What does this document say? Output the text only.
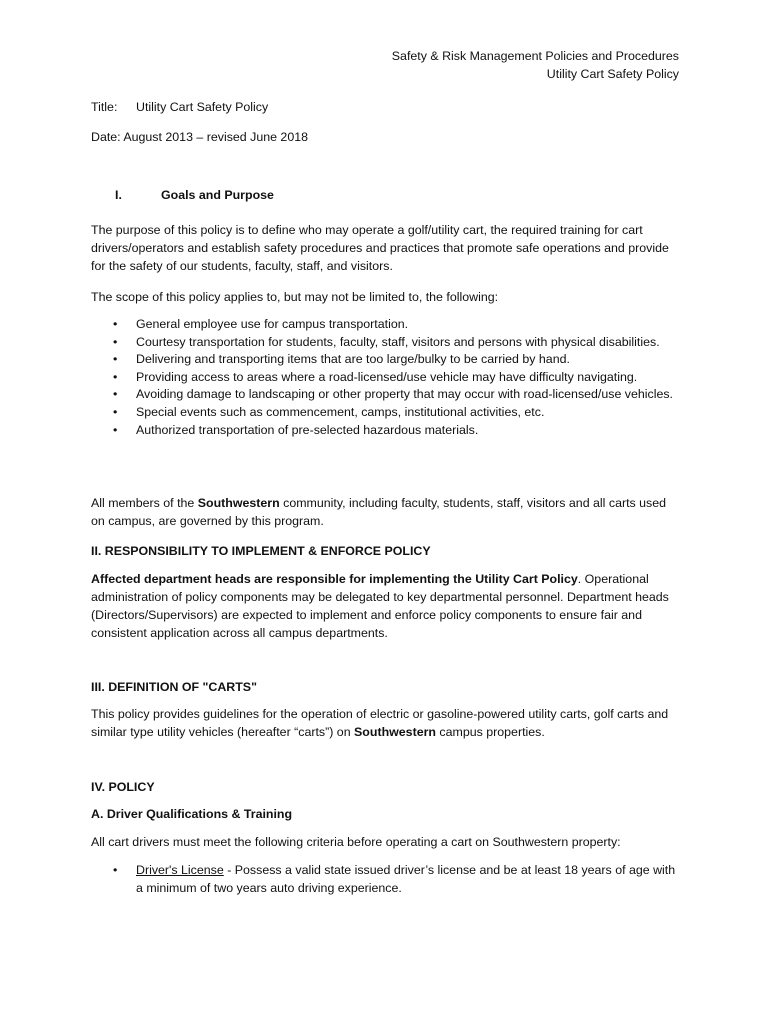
Safety & Risk Management Policies and Procedures
Utility Cart Safety Policy
Title: Utility Cart Safety Policy
Date: August 2013 – revised June 2018
I.	Goals and Purpose

The purpose of this policy is to define who may operate a golf/utility cart, the required training for cart drivers/operators and establish safety procedures and practices that promote safe operations and provide for the safety of our students, faculty, staff, and visitors.

The scope of this policy applies to, but may not be limited to, the following:

• General employee use for campus transportation.
• Courtesy transportation for students, faculty, staff, visitors and persons with physical disabilities.
• Delivering and transporting items that are too large/bulky to be carried by hand.
• Providing access to areas where a road-licensed/use vehicle may have difficulty navigating.
• Avoiding damage to landscaping or other property that may occur with road-licensed/use vehicles.
• Special events such as commencement, camps, institutional activities, etc.
• Authorized transportation of pre-selected hazardous materials.

All members of the Southwestern community, including faculty, students, staff, visitors and all carts used on campus, are governed by this program.

II. RESPONSIBILITY TO IMPLEMENT & ENFORCE POLICY

Affected department heads are responsible for implementing the Utility Cart Policy. Operational administration of policy components may be delegated to key departmental personnel. Department heads (Directors/Supervisors) are expected to implement and enforce policy components to ensure fair and consistent application across all campus departments.

III. DEFINITION OF "CARTS"

This policy provides guidelines for the operation of electric or gasoline-powered utility carts, golf carts and similar type utility vehicles (hereafter “carts”) on Southwestern campus properties.

IV. POLICY
A. Driver Qualifications & Training

All cart drivers must meet the following criteria before operating a cart on Southwestern property:

• Driver's License - Possess a valid state issued driver’s license and be at least 18 years of age with a minimum of two years auto driving experience.
